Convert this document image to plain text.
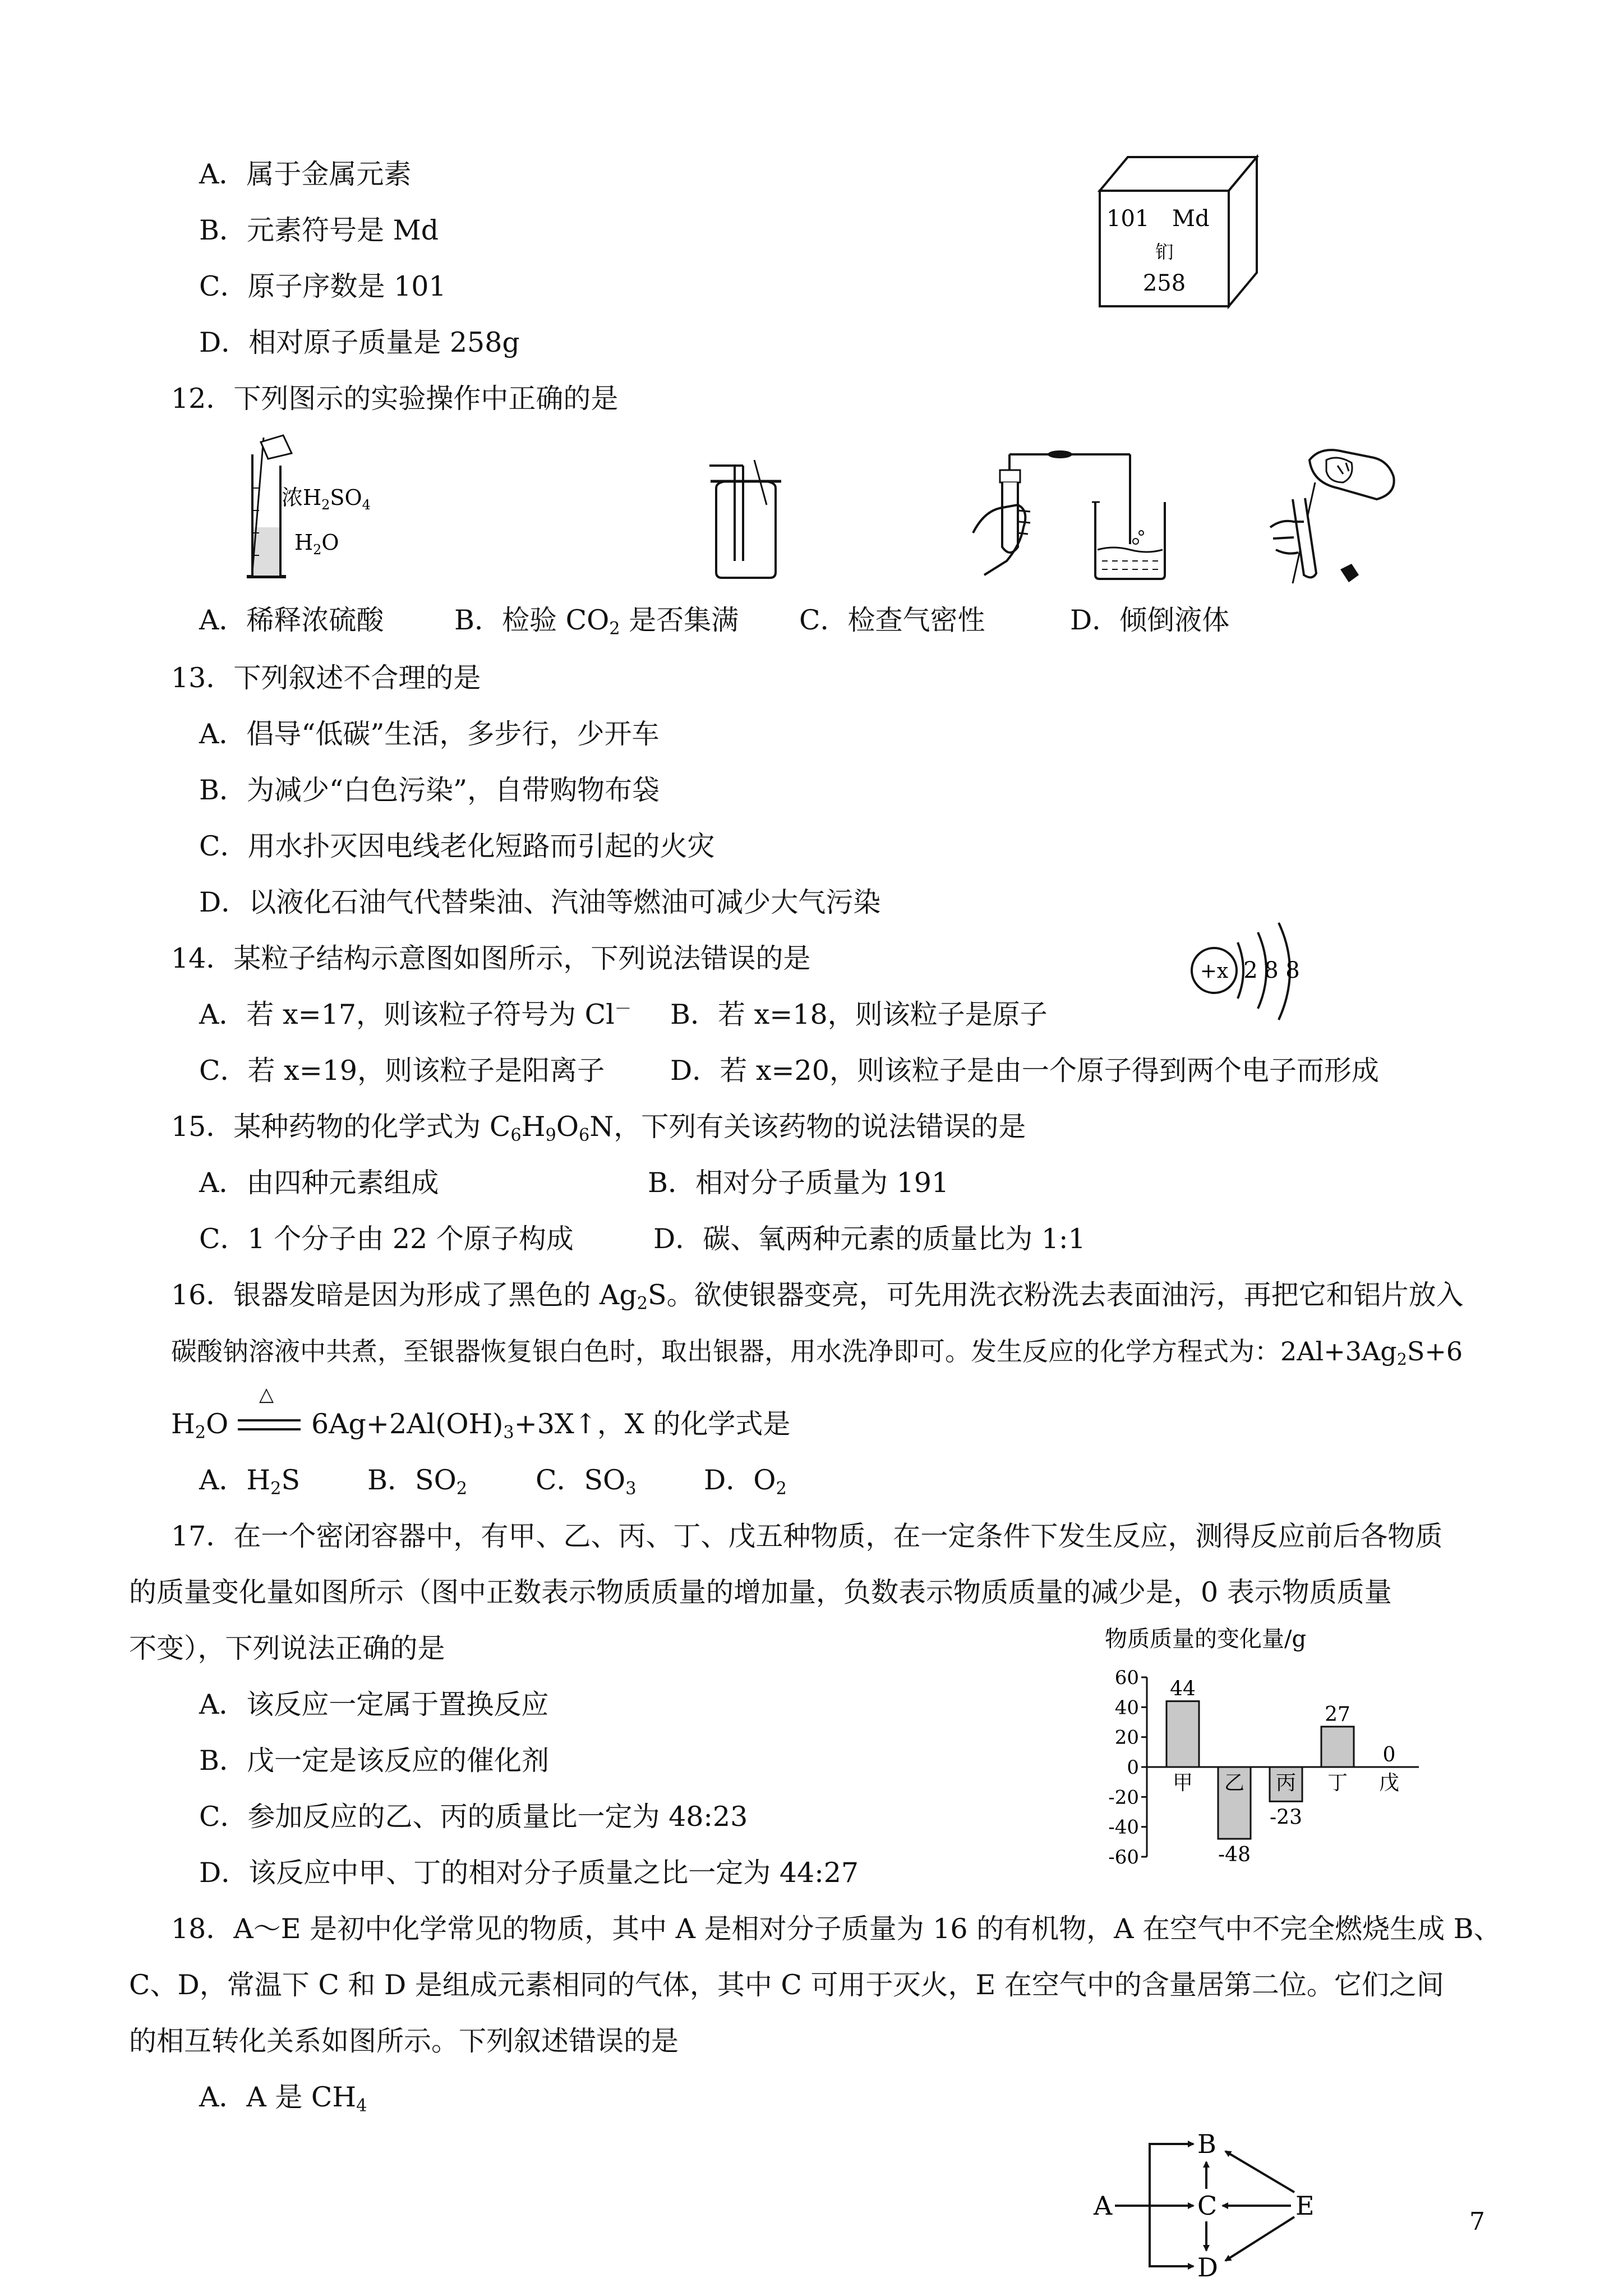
A．属于金属元素
B．元素符号是 Md
C．原子序数是 101
D．相对原子质量是 258g
101 Md
钔
258
12．下列图示的实验操作中正确的是
浓$H_2SO_4$
$H_2O$
A．稀释浓硫酸	B．检验 $CO_2$ 是否集满 C．检查气密性	D．倾倒液体
13．下列叙述不合理的是
A．倡导“低碳”生活，多步行，少开车
B．为减少“白色污染”，自带购物布袋
C．用水扑灭因电线老化短路而引起的火灾
D．以液化石油气代替柴油、汽油等燃油可减少大气污染
14．某粒子结构示意图如图所示，下列说法错误的是	+x 2 8 8
A．若 x=17，则该粒子符号为 Cl－ B．若 x=18，则该粒子是原子
C．若 x=19，则该粒子是阳离子 D．若 x=20，则该粒子是由一个原子得到两个电子而形成
15．某种药物的化学式为 $C_6H_9O_6N$，下列有关该药物的说法错误的是
A．由四种元素组成	B．相对分子质量为 191
C．1 个分子由 22 个原子构成	D．碳、氧两种元素的质量比为 1:1
16．银器发暗是因为形成了黑色的 $Ag_2S$。欲使银器变亮，可先用洗衣粉洗去表面油污，再把它和铝片放入
碳酸钠溶液中共煮，至银器恢复银白色时，取出银器，用水洗净即可。发生反应的化学方程式为：$2Al+3Ag_2S+6$
△
$H_2O$	$6Ag+2Al(OH)_3+3X↑$，X 的化学式是
A．$H_2S$ B．$SO_2$ C．$SO_3$ D．$O_2$
17．在一个密闭容器中，有甲、乙、丙、丁、戊五种物质，在一定条件下发生反应，测得反应前后各物质
的质量变化量如图所示（图中正数表示物质质量的增加量，负数表示物质质量的减少是，0 表示物质质量
不变），下列说法正确的是
A．该反应一定属于置换反应
B．戊一定是该反应的催化剂
C．参加反应的乙、丙的质量比一定为 48:23
D．该反应中甲、丁的相对分子质量之比一定为 44:27
物质质量的变化量/g
60
40
20
0
-20
-40
-60
44
甲
-48
乙
-23
丙
27
丁
0
戊
18．A～E 是初中化学常见的物质，其中 A 是相对分子质量为 16 的有机物，A 在空气中不完全燃烧生成 B、
C、D，常温下 C 和 D 是组成元素相同的气体，其中 C 可用于灭火，E 在空气中的含量居第二位。它们之间
的相互转化关系如图所示。下列叙述错误的是
A．A 是 $CH_4$
A
B
C
D
E
7
